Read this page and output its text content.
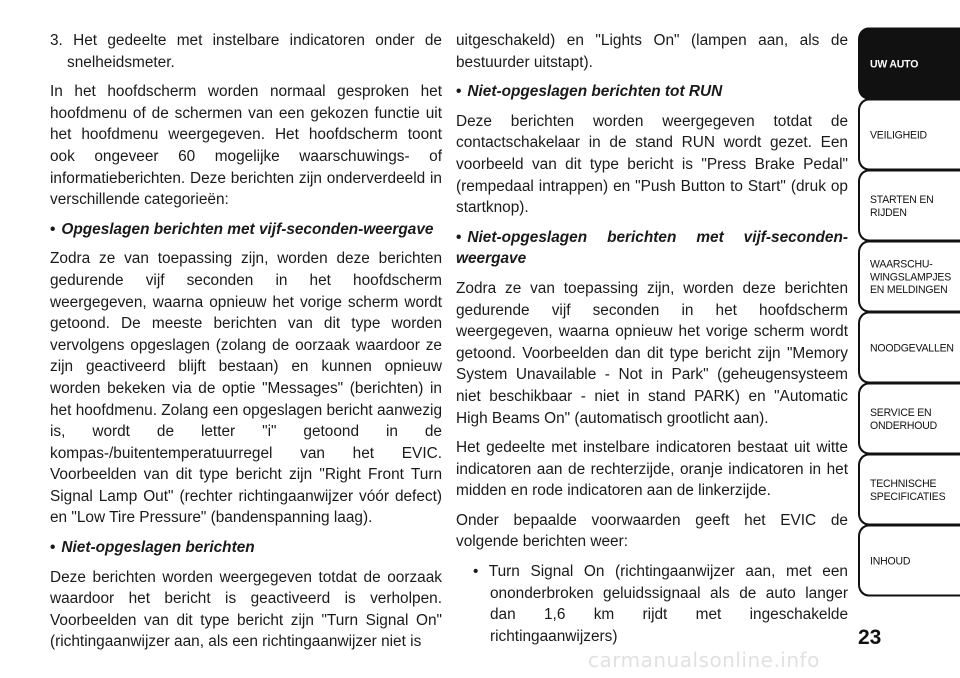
3. Het gedeelte met instelbare indicatoren onder de snelheidsmeter.

In het hoofdscherm worden normaal gesproken het hoofdmenu of de schermen van een gekozen functie uit het hoofdmenu weergegeven. Het hoofdscherm toont ook ongeveer 60 mogelijke waarschuwings- of informatieberichten. Deze berichten zijn onderverdeeld in verschillende categorieën:

• Opgeslagen berichten met vijf-seconden-weergave

Zodra ze van toepassing zijn, worden deze berichten gedurende vijf seconden in het hoofdscherm weergegeven, waarna opnieuw het vorige scherm wordt getoond. De meeste berichten van dit type worden vervolgens opgeslagen (zolang de oorzaak waardoor ze zijn geactiveerd blijft bestaan) en kunnen opnieuw worden bekeken via de optie "Messages" (berichten) in het hoofdmenu. Zolang een opgeslagen bericht aanwezig is, wordt de letter "i" getoond in de kompas-/buitentemperatuurregel van het EVIC. Voorbeelden van dit type bericht zijn "Right Front Turn Signal Lamp Out" (rechter richtingaanwijzer vóór defect) en "Low Tire Pressure" (bandenspanning laag).

• Niet-opgeslagen berichten

Deze berichten worden weergegeven totdat de oorzaak waardoor het bericht is geactiveerd is verholpen. Voorbeelden van dit type bericht zijn "Turn Signal On" (richtingaanwijzer aan, als een richtingaanwijzer niet is

uitgeschakeld) en "Lights On" (lampen aan, als de bestuurder uitstapt).

• Niet-opgeslagen berichten tot RUN

Deze berichten worden weergegeven totdat de contactschakelaar in de stand RUN wordt gezet. Een voorbeeld van dit type bericht is "Press Brake Pedal" (rempedaal intrappen) en "Push Button to Start" (druk op startknop).

• Niet-opgeslagen berichten met vijf-seconden-weergave

Zodra ze van toepassing zijn, worden deze berichten gedurende vijf seconden in het hoofdscherm weergegeven, waarna opnieuw het vorige scherm wordt getoond. Voorbeelden dan dit type bericht zijn "Memory System Unavailable - Not in Park" (geheugensysteem niet beschikbaar - niet in stand PARK) en "Automatic High Beams On" (automatisch grootlicht aan).

Het gedeelte met instelbare indicatoren bestaat uit witte indicatoren aan de rechterzijde, oranje indicatoren in het midden en rode indicatoren aan de linkerzijde.

Onder bepaalde voorwaarden geeft het EVIC de volgende berichten weer:

• Turn Signal On (richtingaanwijzer aan, met een ononderbroken geluidssignaal als de auto langer dan 1,6 km rijdt met ingeschakelde richtingaanwijzers)

UW AUTO
VEILIGHEID
STARTEN EN
RIJDEN
WAARSCHU-
WINGSLAMPJES
EN MELDINGEN
NOODGEVALLEN
SERVICE EN
ONDERHOUD
TECHNISCHE
SPECIFICATIES
INHOUD
23
carmanualsonline.info
